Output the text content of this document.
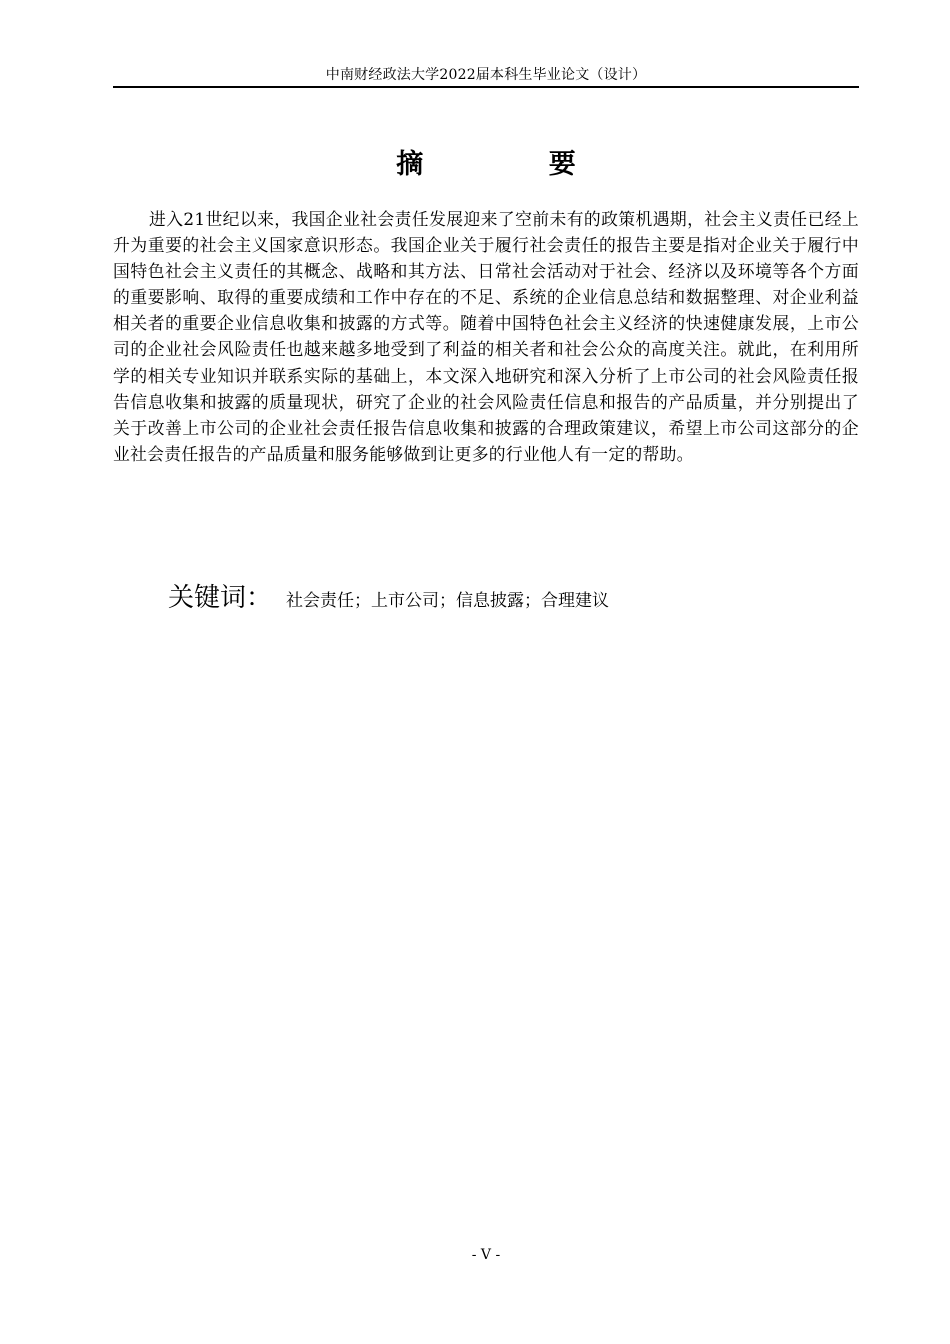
中南财经政法大学2022届本科生毕业论文（设计）
摘 要

进入21世纪以来，我国企业社会责任发展迎来了空前未有的政策机遇期，社会主义责任已经上升为重要的社会主义国家意识形态。我国企业关于履行社会责任的报告主要是指对企业关于履行中国特色社会主义责任的其概念、战略和其方法、日常社会活动对于社会、经济以及环境等各个方面的重要影响、取得的重要成绩和工作中存在的不足、系统的企业信息总结和数据整理、对企业利益相关者的重要企业信息收集和披露的方式等。随着中国特色社会主义经济的快速健康发展，上市公司的企业社会风险责任也越来越多地受到了利益的相关者和社会公众的高度关注。就此，在利用所学的相关专业知识并联系实际的基础上，本文深入地研究和深入分析了上市公司的社会风险责任报告信息收集和披露的质量现状，研究了企业的社会风险责任信息和报告的产品质量，并分别提出了关于改善上市公司的企业社会责任报告信息收集和披露的合理政策建议，希望上市公司这部分的企业社会责任报告的产品质量和服务能够做到让更多的行业他人有一定的帮助。

关键词： 社会责任；上市公司；信息披露；合理建议
- V -
